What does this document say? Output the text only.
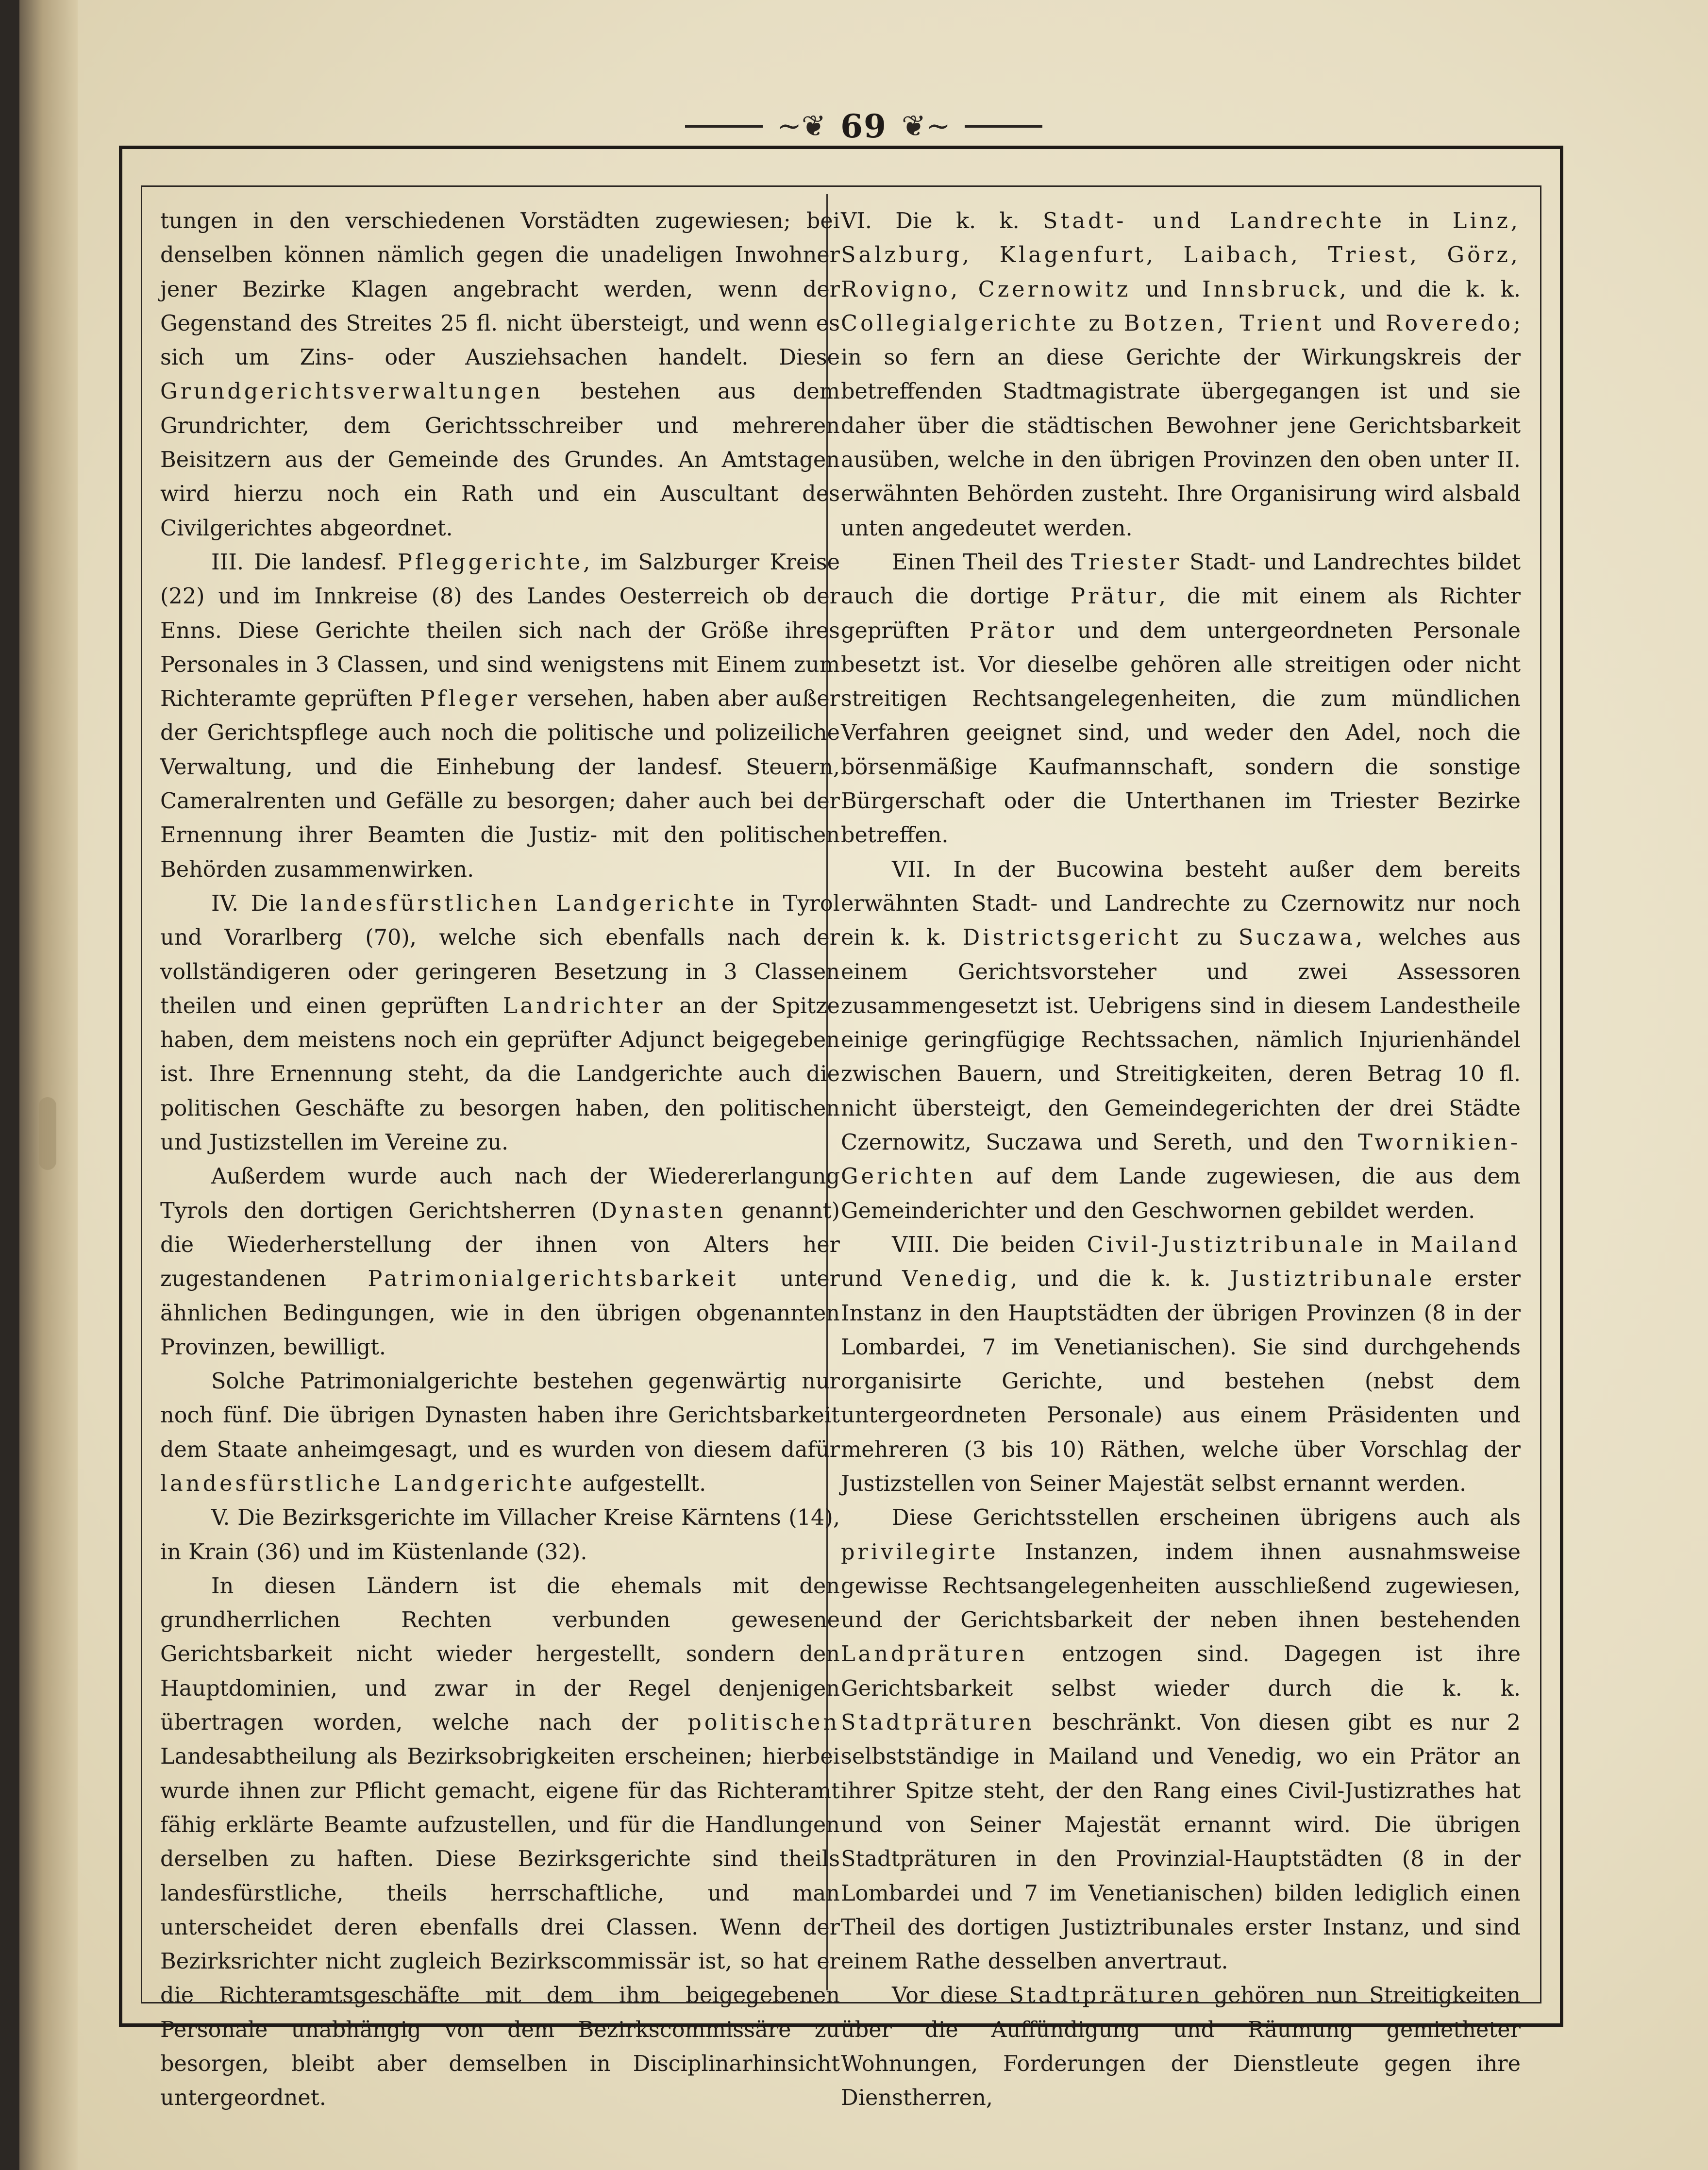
~❦ 69 ❦~

tungen in den verschiedenen Vorstädten zugewiesen; bei denselben können nämlich gegen die unadeligen Inwohner jener Bezirke Klagen angebracht werden, wenn der Gegenstand des Streites 25 fl. nicht übersteigt, und wenn es sich um Zins- oder Ausziehsachen handelt. Diese Grundgerichtsverwaltungen bestehen aus dem Grundrichter, dem Gerichtsschreiber und mehreren Beisitzern aus der Gemeinde des Grundes. An Amtstagen wird hierzu noch ein Rath und ein Auscultant des Civilgerichtes abgeordnet.

III. Die landesf. Pfleggerichte, im Salzburger Kreise (22) und im Innkreise (8) des Landes Oesterreich ob der Enns. Diese Gerichte theilen sich nach der Größe ihres Personales in 3 Classen, und sind wenigstens mit Einem zum Richteramte geprüften Pfleger versehen, haben aber außer der Gerichtspflege auch noch die politische und polizeiliche Verwaltung, und die Einhebung der landesf. Steuern, Cameralrenten und Gefälle zu besorgen; daher auch bei der Ernennung ihrer Beamten die Justiz- mit den politischen Behörden zusammenwirken.

IV. Die landesfürstlichen Landgerichte in Tyrol und Vorarlberg (70), welche sich ebenfalls nach der vollständigeren oder geringeren Besetzung in 3 Classen theilen und einen geprüften Landrichter an der Spitze haben, dem meistens noch ein geprüfter Adjunct beigegeben ist. Ihre Ernennung steht, da die Landgerichte auch die politischen Geschäfte zu besorgen haben, den politischen und Justizstellen im Vereine zu.

Außerdem wurde auch nach der Wiedererlangung Tyrols den dortigen Gerichtsherren (Dynasten genannt) die Wiederherstellung der ihnen von Alters her zugestandenen Patrimonialgerichtsbarkeit unter ähnlichen Bedingungen, wie in den übrigen obgenannten Provinzen, bewilligt.

Solche Patrimonialgerichte bestehen gegenwärtig nur noch fünf. Die übrigen Dynasten haben ihre Gerichtsbarkeit dem Staate anheimgesagt, und es wurden von diesem dafür landesfürstliche Landgerichte aufgestellt.

V. Die Bezirksgerichte im Villacher Kreise Kärntens (14), in Krain (36) und im Küstenlande (32).

In diesen Ländern ist die ehemals mit den grundherrlichen Rechten verbunden gewesene Gerichtsbarkeit nicht wieder hergestellt, sondern den Hauptdominien, und zwar in der Regel denjenigen übertragen worden, welche nach der politischen Landesabtheilung als Bezirksobrigkeiten erscheinen; hierbei wurde ihnen zur Pflicht gemacht, eigene für das Richteramt fähig erklärte Beamte aufzustellen, und für die Handlungen derselben zu haften. Diese Bezirksgerichte sind theils landesfürstliche, theils herrschaftliche, und man unterscheidet deren ebenfalls drei Classen. Wenn der Bezirksrichter nicht zugleich Bezirkscommissär ist, so hat er die Richteramtsgeschäfte mit dem ihm beigegebenen Personale unabhängig von dem Bezirkscommissäre zu besorgen, bleibt aber demselben in Disciplinarhinsicht untergeordnet.

VI. Die k. k. Stadt- und Landrechte in Linz, Salzburg, Klagenfurt, Laibach, Triest, Görz, Rovigno, Czernowitz und Innsbruck, und die k. k. Collegialgerichte zu Botzen, Trient und Roveredo; in so fern an diese Gerichte der Wirkungskreis der betreffenden Stadtmagistrate übergegangen ist und sie daher über die städtischen Bewohner jene Gerichtsbarkeit ausüben, welche in den übrigen Provinzen den oben unter II. erwähnten Behörden zusteht. Ihre Organisirung wird alsbald unten angedeutet werden.

Einen Theil des Triester Stadt- und Landrechtes bildet auch die dortige Prätur, die mit einem als Richter geprüften Prätor und dem untergeordneten Personale besetzt ist. Vor dieselbe gehören alle streitigen oder nicht streitigen Rechtsangelegenheiten, die zum mündlichen Verfahren geeignet sind, und weder den Adel, noch die börsenmäßige Kaufmannschaft, sondern die sonstige Bürgerschaft oder die Unterthanen im Triester Bezirke betreffen.

VII. In der Bucowina besteht außer dem bereits erwähnten Stadt- und Landrechte zu Czernowitz nur noch ein k. k. Districtsgericht zu Suczawa, welches aus einem Gerichtsvorsteher und zwei Assessoren zusammengesetzt ist. Uebrigens sind in diesem Landestheile einige geringfügige Rechtssachen, nämlich Injurienhändel zwischen Bauern, und Streitigkeiten, deren Betrag 10 fl. nicht übersteigt, den Gemeindegerichten der drei Städte Czernowitz, Suczawa und Sereth, und den Twornikien-Gerichten auf dem Lande zugewiesen, die aus dem Gemeinderichter und den Geschwornen gebildet werden.

VIII. Die beiden Civil-Justiztribunale in Mailand und Venedig, und die k. k. Justiztribunale erster Instanz in den Hauptstädten der übrigen Provinzen (8 in der Lombardei, 7 im Venetianischen). Sie sind durchgehends organisirte Gerichte, und bestehen (nebst dem untergeordneten Personale) aus einem Präsidenten und mehreren (3 bis 10) Räthen, welche über Vorschlag der Justizstellen von Seiner Majestät selbst ernannt werden.

Diese Gerichtsstellen erscheinen übrigens auch als privilegirte Instanzen, indem ihnen ausnahmsweise gewisse Rechtsangelegenheiten ausschließend zugewiesen, und der Gerichtsbarkeit der neben ihnen bestehenden Landpräturen entzogen sind. Dagegen ist ihre Gerichtsbarkeit selbst wieder durch die k. k. Stadtpräturen beschränkt. Von diesen gibt es nur 2 selbstständige in Mailand und Venedig, wo ein Prätor an ihrer Spitze steht, der den Rang eines Civil-Justizrathes hat und von Seiner Majestät ernannt wird. Die übrigen Stadtpräturen in den Provinzial-Hauptstädten (8 in der Lombardei und 7 im Venetianischen) bilden lediglich einen Theil des dortigen Justiztribunales erster Instanz, und sind einem Rathe desselben anvertraut.

Vor diese Stadtpräturen gehören nun Streitigkeiten über die Auffündigung und Räumung gemietheter Wohnungen, Forderungen der Dienstleute gegen ihre Dienstherren,
